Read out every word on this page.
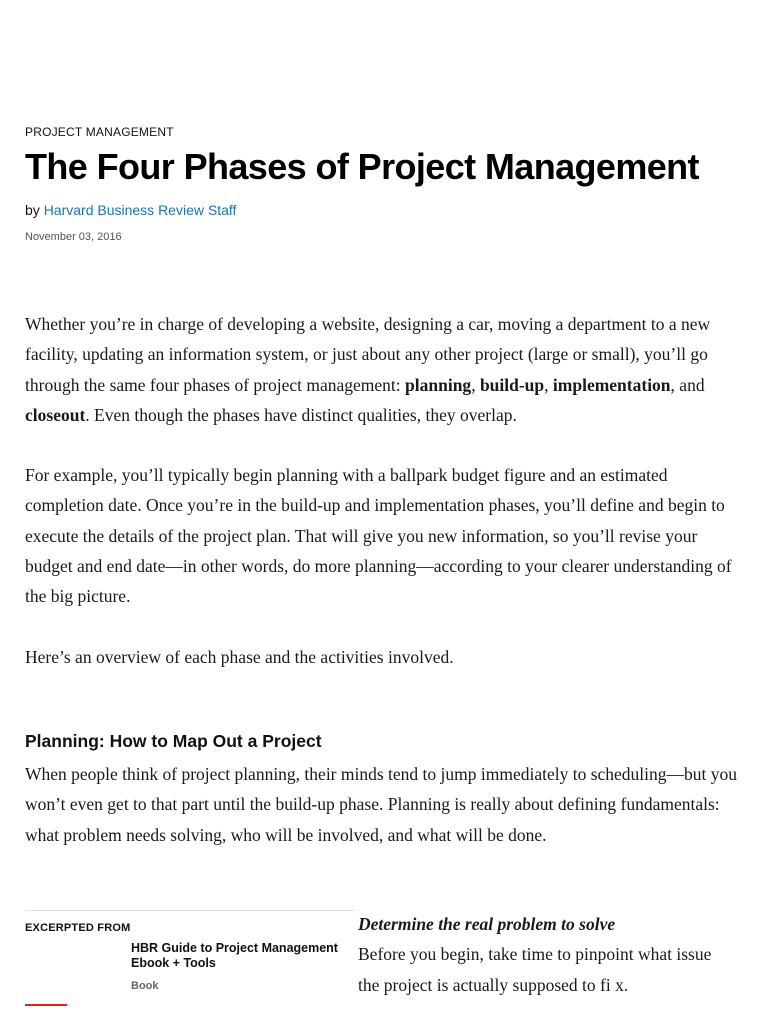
PROJECT MANAGEMENT
The Four Phases of Project Management
by Harvard Business Review Staff
November 03, 2016

Whether you’re in charge of developing a website, designing a car, moving a department to a new facility, updating an information system, or just about any other project (large or small), you’ll go through the same four phases of project management: planning, build-up, implementation, and closeout. Even though the phases have distinct qualities, they overlap.

For example, you’ll typically begin planning with a ballpark budget figure and an estimated completion date. Once you’re in the build-up and implementation phases, you’ll define and begin to execute the details of the project plan. That will give you new information, so you’ll revise your budget and end date—in other words, do more planning—according to your clearer understanding of the big picture.

Here’s an overview of each phase and the activities involved.

Planning: How to Map Out a Project
When people think of project planning, their minds tend to jump immediately to scheduling—but you won’t even get to that part until the build-up phase. Planning is really about defining fundamentals: what problem needs solving, who will be involved, and what will be done.
EXCERPTED FROM
HBR Guide to Project Management Ebook + Tools
Book
Determine the real problem to solve
Before you begin, take time to pinpoint what issue the project is actually supposed to fi x.
